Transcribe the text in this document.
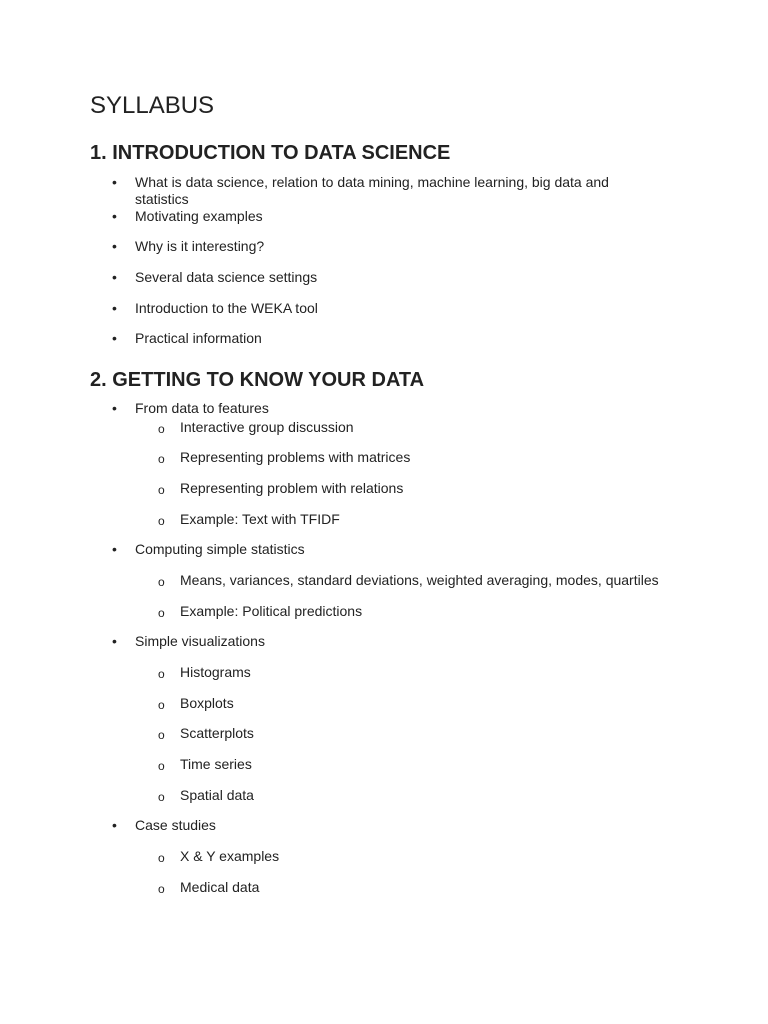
SYLLABUS
1. INTRODUCTION TO DATA SCIENCE
•
What is data science, relation to data mining, machine learning, big data and statistics
•
Motivating examples
•
Why is it interesting?
•
Several data science settings
•
Introduction to the WEKA tool
•
Practical information
2. GETTING TO KNOW YOUR DATA
•
From data to features
o
Interactive group discussion
o
Representing problems with matrices
o
Representing problem with relations
o
Example: Text with TFIDF
•
Computing simple statistics
o
Means, variances, standard deviations, weighted averaging, modes, quartiles
o
Example: Political predictions
•
Simple visualizations
o
Histograms
o
Boxplots
o
Scatterplots
o
Time series
o
Spatial data
•
Case studies
o
X & Y examples
o
Medical data
